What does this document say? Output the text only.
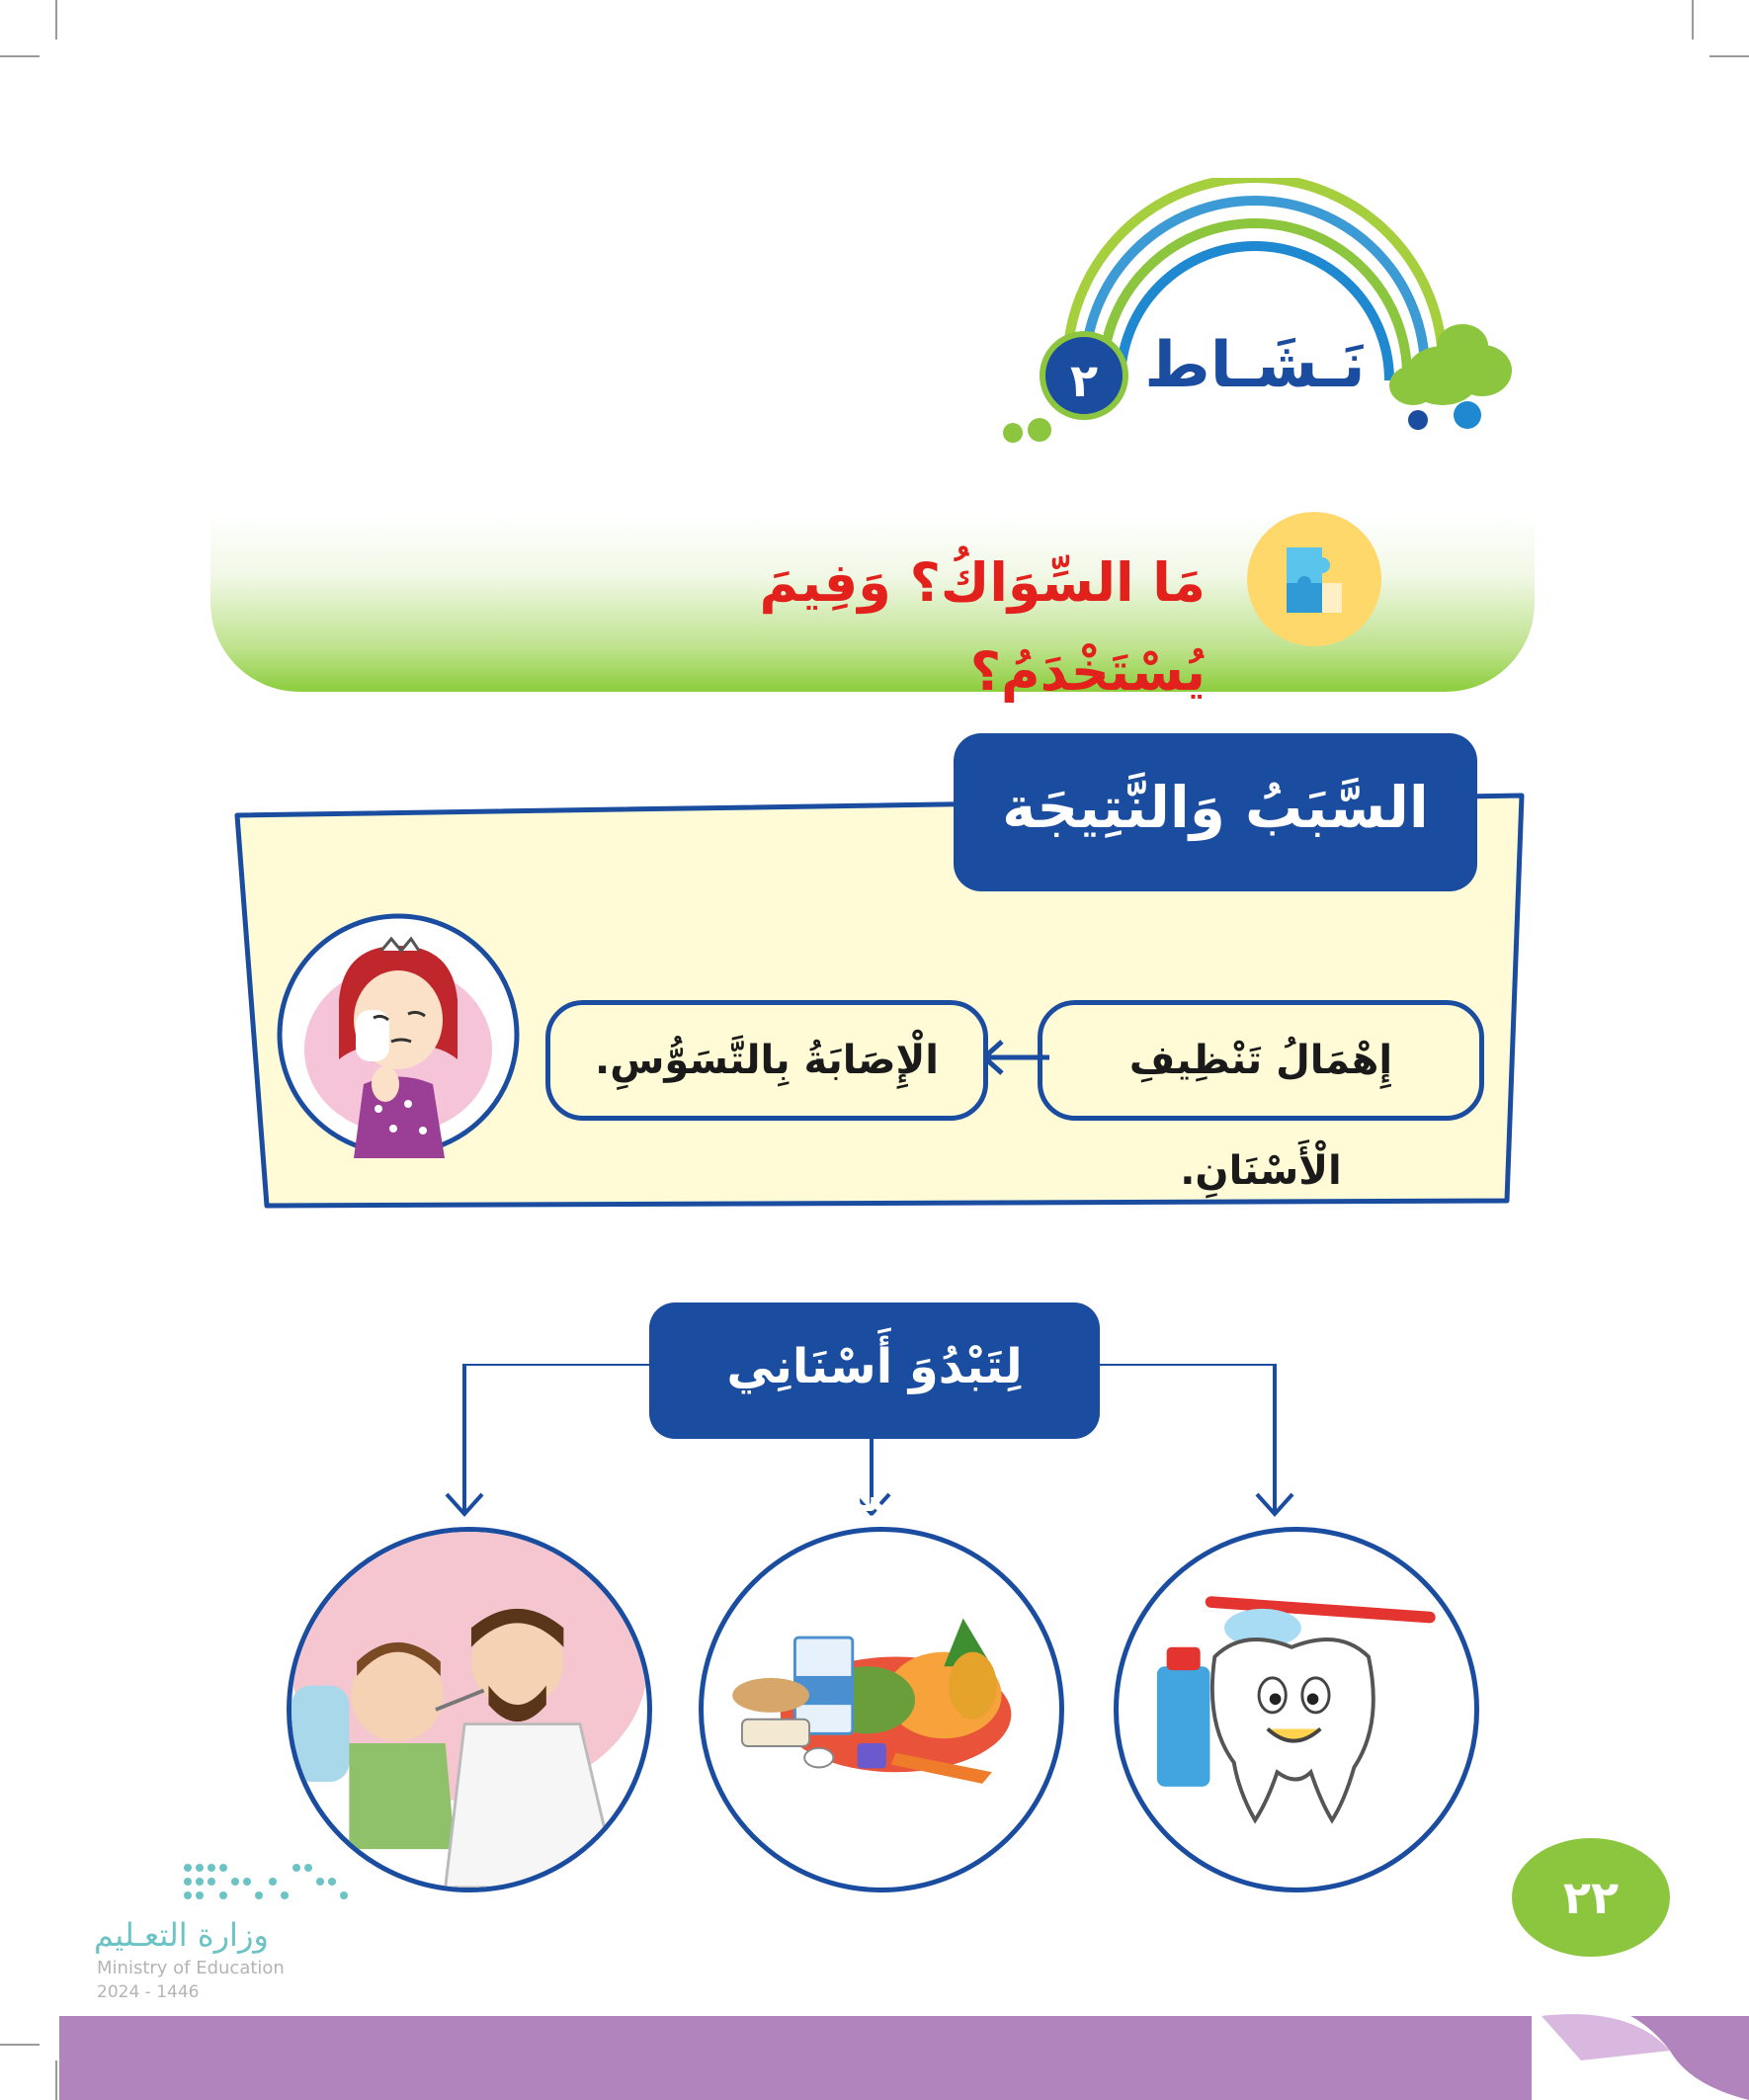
نَـشَـاط
٢
مَا السِّوَاكُ؟ وَفِيمَ يُسْتَخْدَمُ؟
السَّبَبُ وَالنَّتِيجَة
إِهْمَالُ تَنْظِيفِ الْأَسْنَانِ.
الْإِصَابَةُ بِالتَّسَوُّسِ.
لِتَبْدُوَ أَسْنَانِي جَمِيلَةً:
٢٢
وزارة التعـليم
Ministry of Education
2024 - 1446
